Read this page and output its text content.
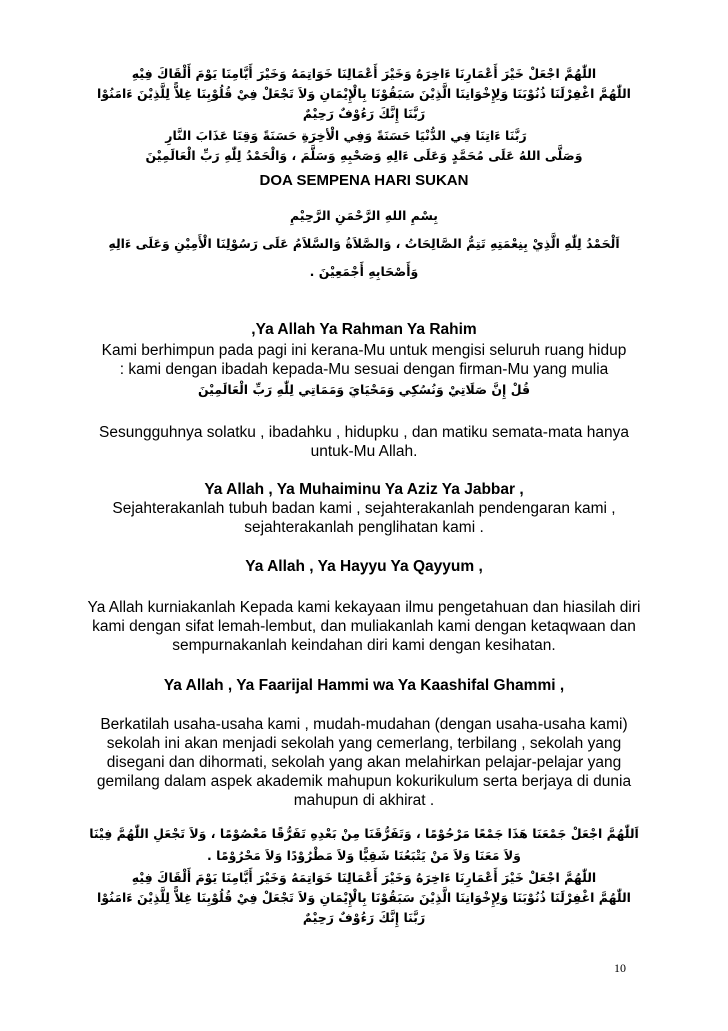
اللّٰهُمَّ اجْعَلْ خَيْرَ أَعْمَارِنَا ءَاخِرَهُ وَخَيْرَ أَعْمَالِنَا خَوَاتِمَهُ وَخَيْرَ أَيَّامِنَا يَوْمَ أَلْقَاكَ فِيْهِ
اللّٰهُمَّ اغْفِرْلَنَا ذُنُوْبَنَا وَلِإِخْوَانِنَا الَّذِيْنَ سَبَقُوْنَا بِالْإِيْمَانِ وَلاَ تَجْعَلْ فِيْ قُلُوْبِنَا غِلاًّ لِلَّذِيْنَ ءَامَنُوْا
رَبَّنَا إِنَّكَ رَءُوْفٌ رَحِيْمٌ
رَبَّنَا ءَاتِنَا فِي الدُّنْيَا حَسَنَةً وَفِي الْأخِرَةِ حَسَنَةً وَقِنَا عَذَابَ النَّارِ
وَصَلَّى اللهُ عَلَى مُحَمَّدٍ وَعَلَى ءَالِهِ وَصَحْبِهِ وَسَلَّمَ ، وَالْحَمْدُ لِلّٰهِ رَبِّ الْعَالَمِيْنَ
DOA SEMPENA HARI SUKAN
بِسْمِ اللهِ الرَّحْمَنِ الرَّحِيْمِ
اَلْحَمْدُ لِلّٰهِ الَّذِيْ بِنِعْمَتِهِ تَتِمُّ الصَّالِحَاتُ ، وَالصَّلاَةُ وَالسَّلاَمُ عَلَى رَسُوْلِنَا الْأَمِيْنِ وَعَلَى ءَالِهِ
وَأَصْحَابِهِ أَجْمَعِيْنَ .
,Ya Allah Ya Rahman Ya Rahim
Kami berhimpun pada pagi ini kerana-Mu untuk mengisi seluruh ruang hidup
: kami dengan ibadah kepada-Mu sesuai dengan firman-Mu yang mulia
قُلْ إِنَّ صَلَاتِيْ وَنُسُكِي وَمَحْيَايَ وَمَمَاتِي لِلّٰهِ رَبِّ الْعَالَمِيْنَ
Sesungguhnya solatku , ibadahku , hidupku , dan matiku semata-mata hanya
untuk-Mu Allah.
Ya Allah , Ya Muhaiminu Ya Aziz Ya Jabbar ,
Sejahterakanlah tubuh badan kami , sejahterakanlah pendengaran kami ,
sejahterakanlah penglihatan kami .
Ya Allah , Ya Hayyu Ya Qayyum ,
Ya Allah kurniakanlah Kepada kami kekayaan ilmu pengetahuan dan hiasilah diri
kami dengan sifat lemah-lembut, dan muliakanlah kami dengan ketaqwaan dan
sempurnakanlah keindahan diri kami dengan kesihatan.
Ya Allah , Ya Faarijal Hammi wa Ya Kaashifal Ghammi ,
Berkatilah usaha-usaha kami , mudah-mudahan (dengan usaha-usaha kami)
sekolah ini akan menjadi sekolah yang cemerlang, terbilang , sekolah yang
disegani dan dihormati, sekolah yang akan melahirkan pelajar-pelajar yang
gemilang dalam aspek akademik mahupun kokurikulum serta berjaya di dunia
mahupun di akhirat .
اَللّٰهُمَّ اجْعَلْ جَمْعَنَا هَذَا جَمْعًا مَرْحُوْمًا ، وَتَفَرُّقَنَا مِنْ بَعْدِهِ تَفَرُّقًا مَعْصُوْمًا ، وَلاَ تَجْعَلِ اللّٰهُمَّ فِيْنَا
وَلاَ مَعَنَا وَلاَ مَنْ يَتْبَعُنَا شَقِيًّا وَلاَ مَطْرُوْدًا وَلاَ مَحْرُوْمًا .
اللّٰهُمَّ اجْعَلْ خَيْرَ أَعْمَارِنَا ءَاخِرَهُ وَخَيْرَ أَعْمَالِنَا خَوَاتِمَهُ وَخَيْرَ أَيَّامِنَا يَوْمَ أَلْقَاكَ فِيْهِ
اللّٰهُمَّ اغْفِرْلَنَا ذُنُوْبَنَا وَلِإِخْوَانِنَا الَّذِيْنَ سَبَقُوْنَا بِالْإِيْمَانِ وَلاَ تَجْعَلْ فِيْ قُلُوْبِنَا غِلاًّ لِلَّذِيْنَ ءَامَنُوْا
رَبَّنَا إِنَّكَ رَءُوْفٌ رَحِيْمٌ
10
